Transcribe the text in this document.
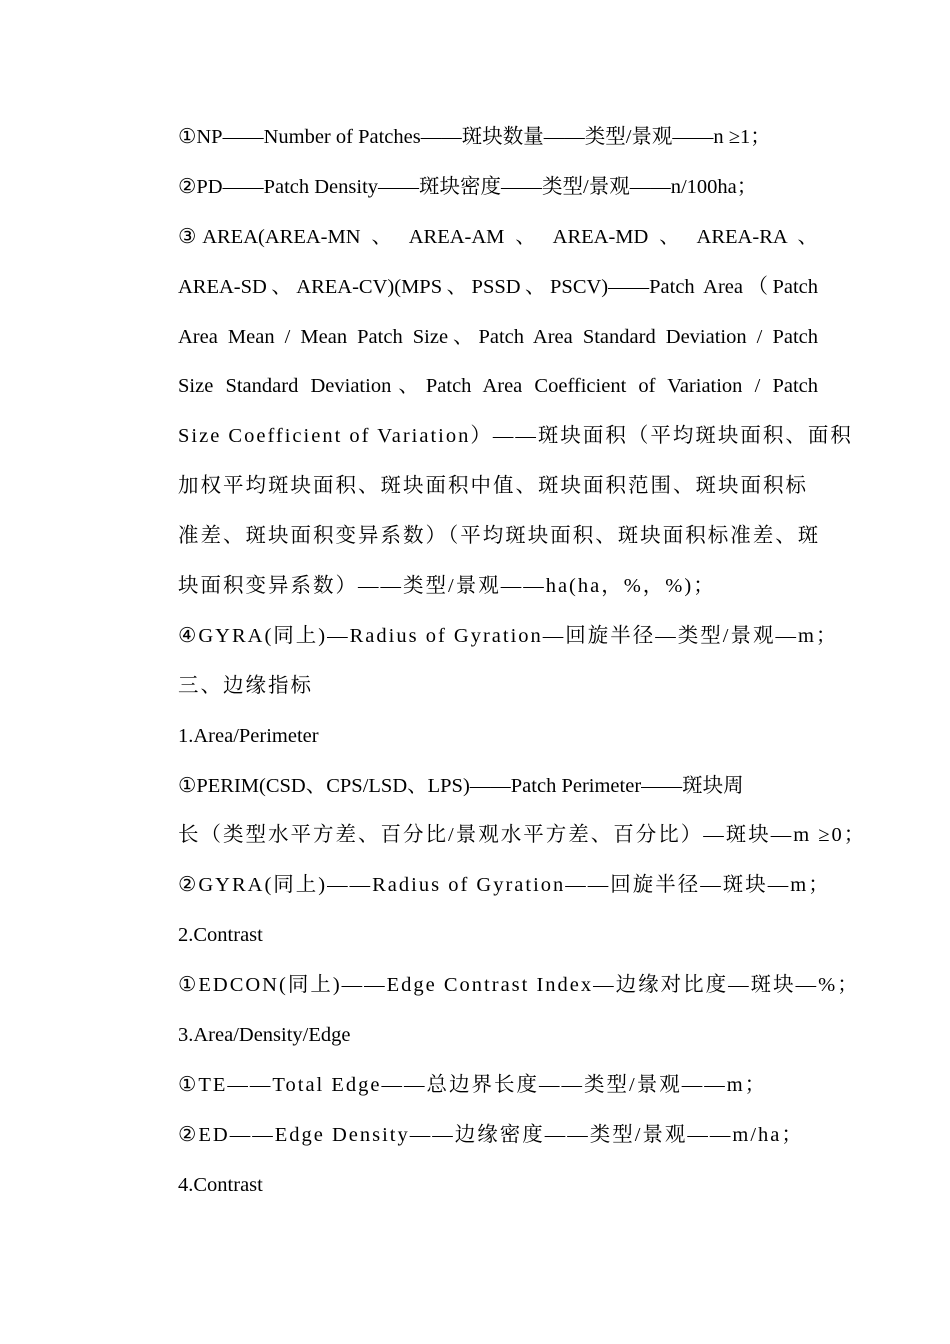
①NP——Number of Patches——斑块数量——类型/景观——n ≥1；
②PD——Patch Density——斑块密度——类型/景观——n/100ha；
③AREA(AREA-MN 、 AREA-AM 、 AREA-MD 、 AREA-RA 、
AREA-SD、AREA-CV)(MPS、PSSD、PSCV)——Patch Area（Patch
Area Mean / Mean Patch Size、Patch Area Standard Deviation / Patch
Size Standard Deviation、Patch Area Coefficient of Variation / Patch
Size Coefficient of Variation）——斑块面积（平均斑块面积、面积
加权平均斑块面积、斑块面积中值、斑块面积范围、斑块面积标
准差、斑块面积变异系数）（平均斑块面积、斑块面积标准差、斑
块面积变异系数）——类型/景观——ha(ha，%，%)；
④GYRA(同上)—Radius of Gyration—回旋半径—类型/景观—m；
三、边缘指标
1.Area/Perimeter
①PERIM(CSD、CPS/LSD、LPS)——Patch Perimeter——斑块周
长（类型水平方差、百分比/景观水平方差、百分比）—斑块—m ≥0；
②GYRA(同上)——Radius of Gyration——回旋半径—斑块—m；
2.Contrast
①EDCON(同上)——Edge Contrast Index—边缘对比度—斑块—%；
3.Area/Density/Edge
①TE——Total Edge——总边界长度——类型/景观——m；
②ED——Edge Density——边缘密度——类型/景观——m/ha；
4.Contrast
